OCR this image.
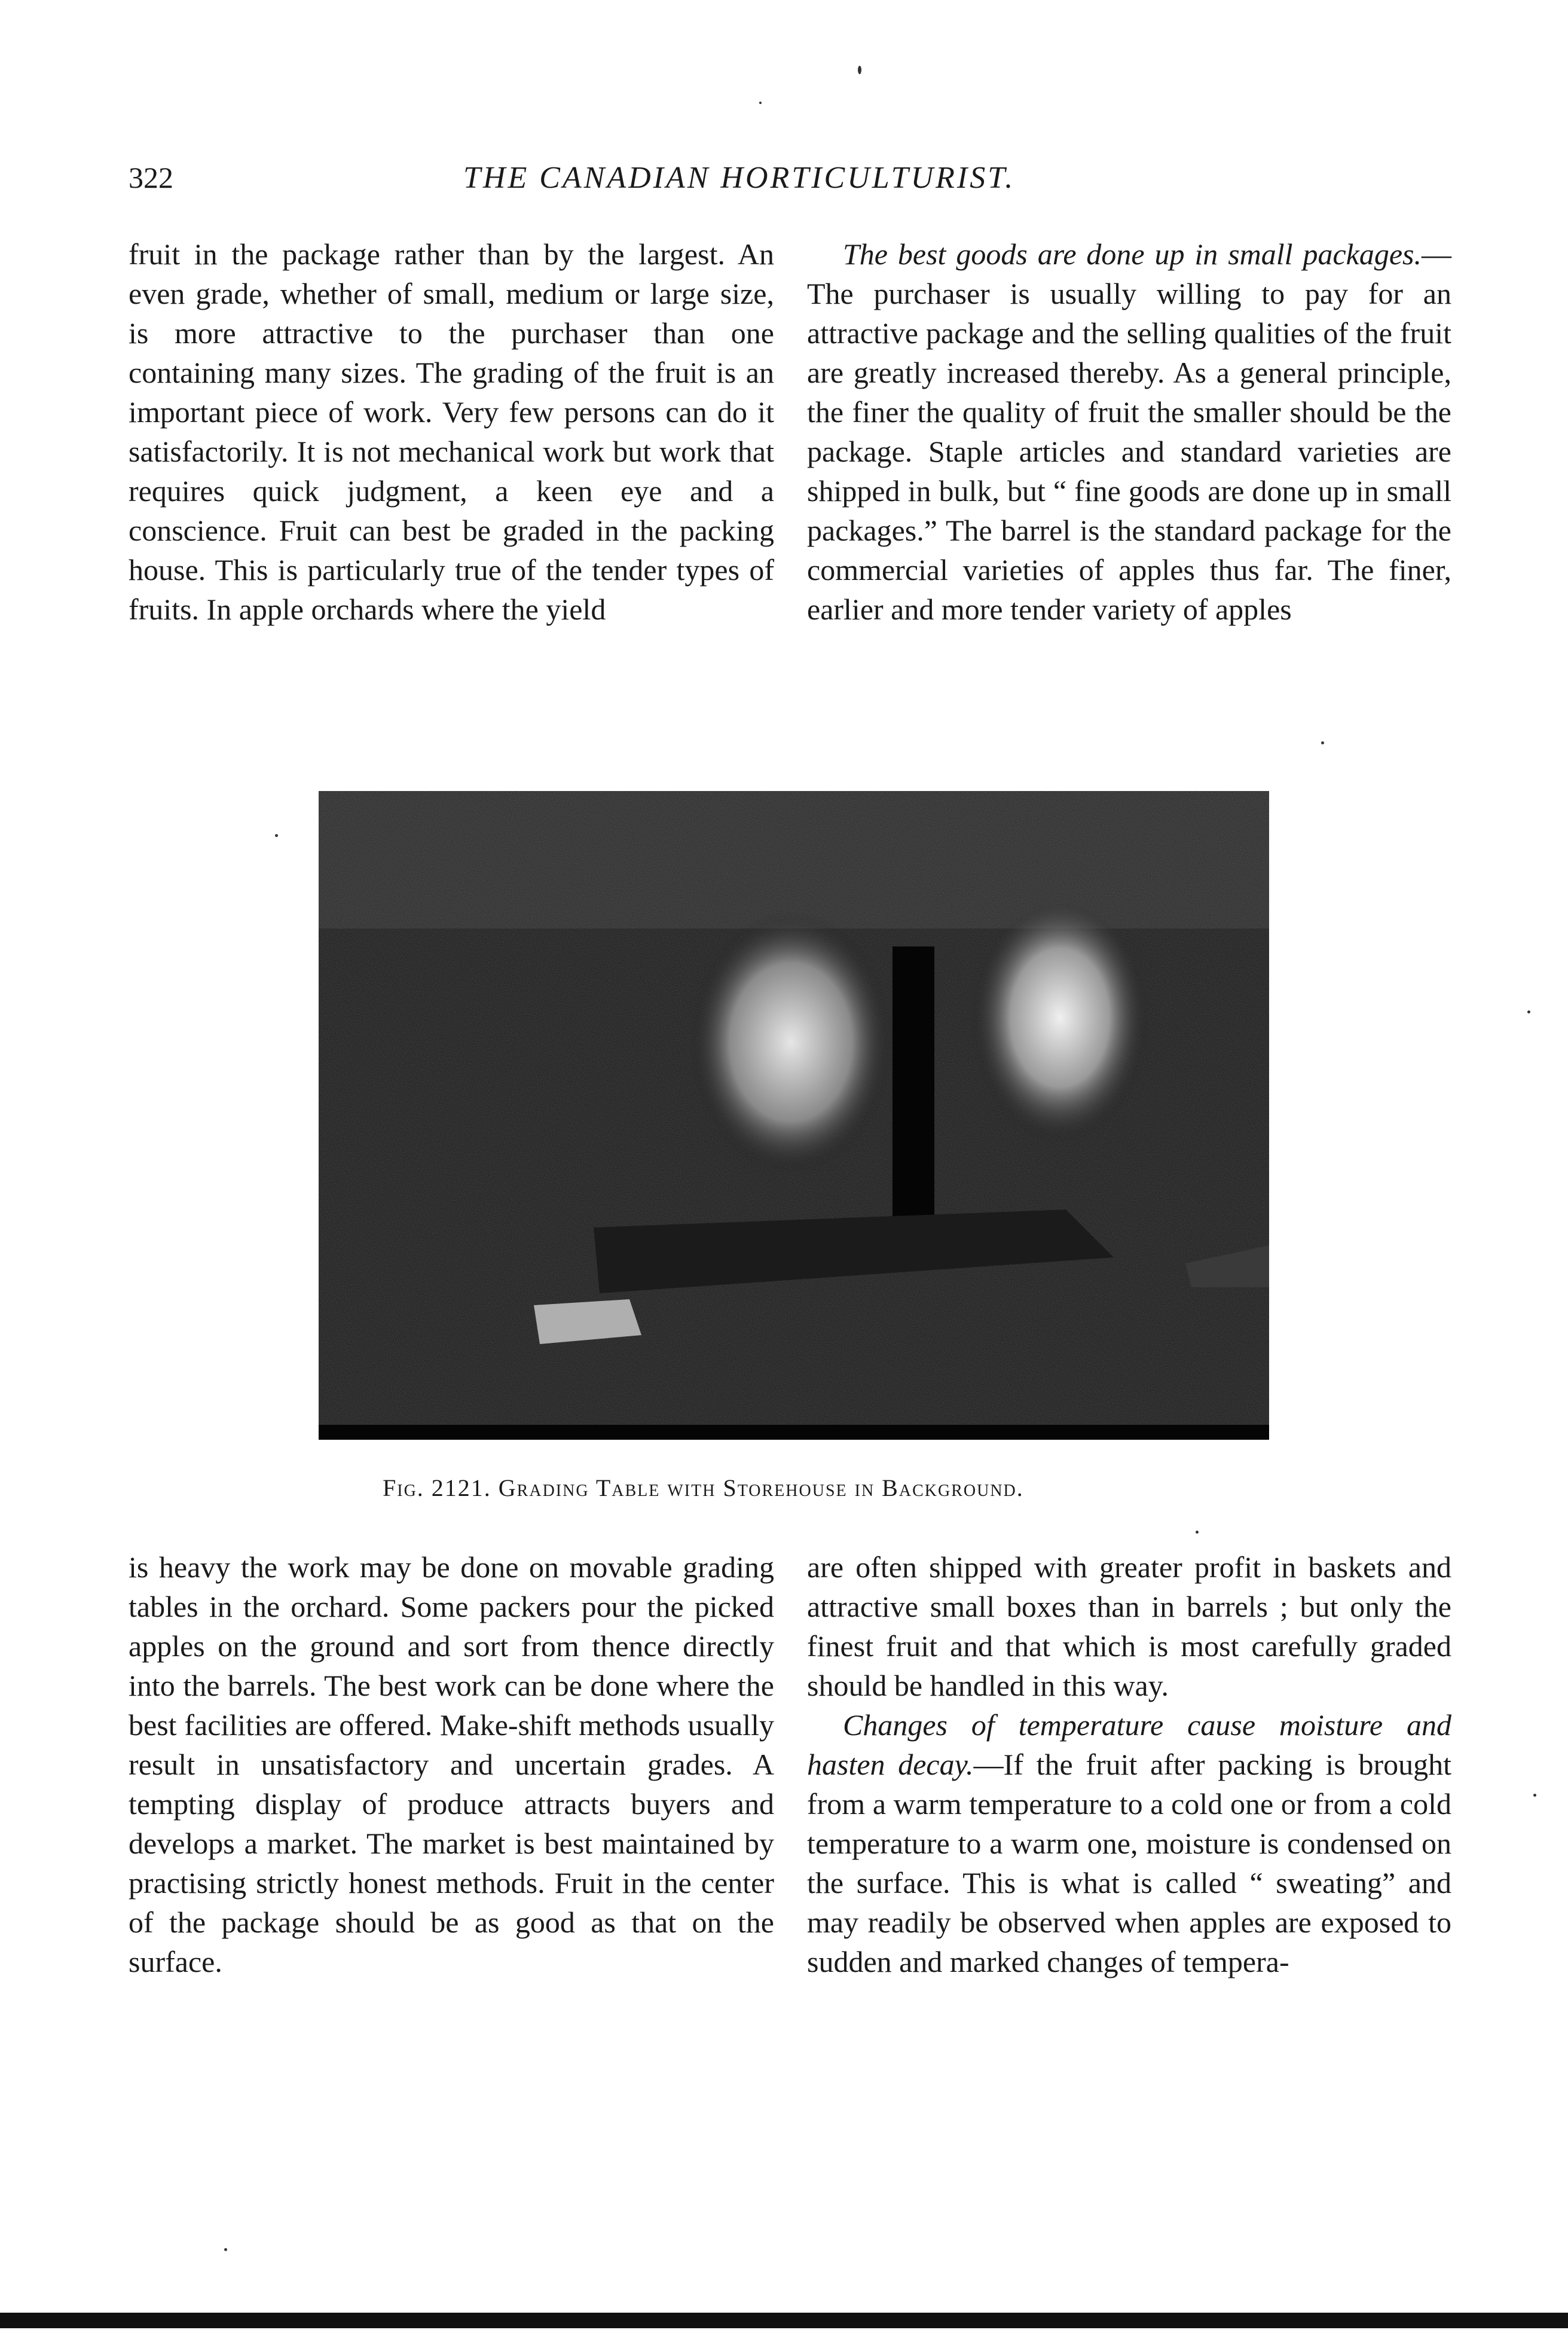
322	THE CANADIAN HORTICULTURIST.

fruit in the package rather than by the largest. An even grade, whether of small, medium or large size, is more attractive to the purchaser than one containing many sizes. The grading of the fruit is an important piece of work. Very few persons can do it satisfactorily. It is not mechanical work but work that requires quick judgment, a keen eye and a conscience. Fruit can best be graded in the packing house. This is particularly true of the tender types of fruits. In apple orchards where the yield

The best goods are done up in small packages.—The purchaser is usually willing to pay for an attractive package and the selling qualities of the fruit are greatly increased thereby. As a general principle, the finer the quality of fruit the smaller should be the package. Staple articles and standard varieties are shipped in bulk, but “ fine goods are done up in small packages.” The barrel is the standard package for the commercial varieties of apples thus far. The finer, earlier and more tender variety of apples

Fig. 2121. Grading Table with Storehouse in Background.

is heavy the work may be done on movable grading tables in the orchard. Some packers pour the picked apples on the ground and sort from thence directly into the barrels. The best work can be done where the best facilities are offered. Make-shift methods usually result in unsatisfactory and uncertain grades. A tempting display of produce attracts buyers and develops a market. The market is best maintained by practising strictly honest methods. Fruit in the center of the package should be as good as that on the surface.

are often shipped with greater profit in baskets and attractive small boxes than in barrels ; but only the finest fruit and that which is most carefully graded should be handled in this way.

Changes of temperature cause moisture and hasten decay.—If the fruit after packing is brought from a warm temperature to a cold one or from a cold temperature to a warm one, moisture is condensed on the surface. This is what is called “ sweating” and may readily be observed when apples are exposed to sudden and marked changes of tempera-
